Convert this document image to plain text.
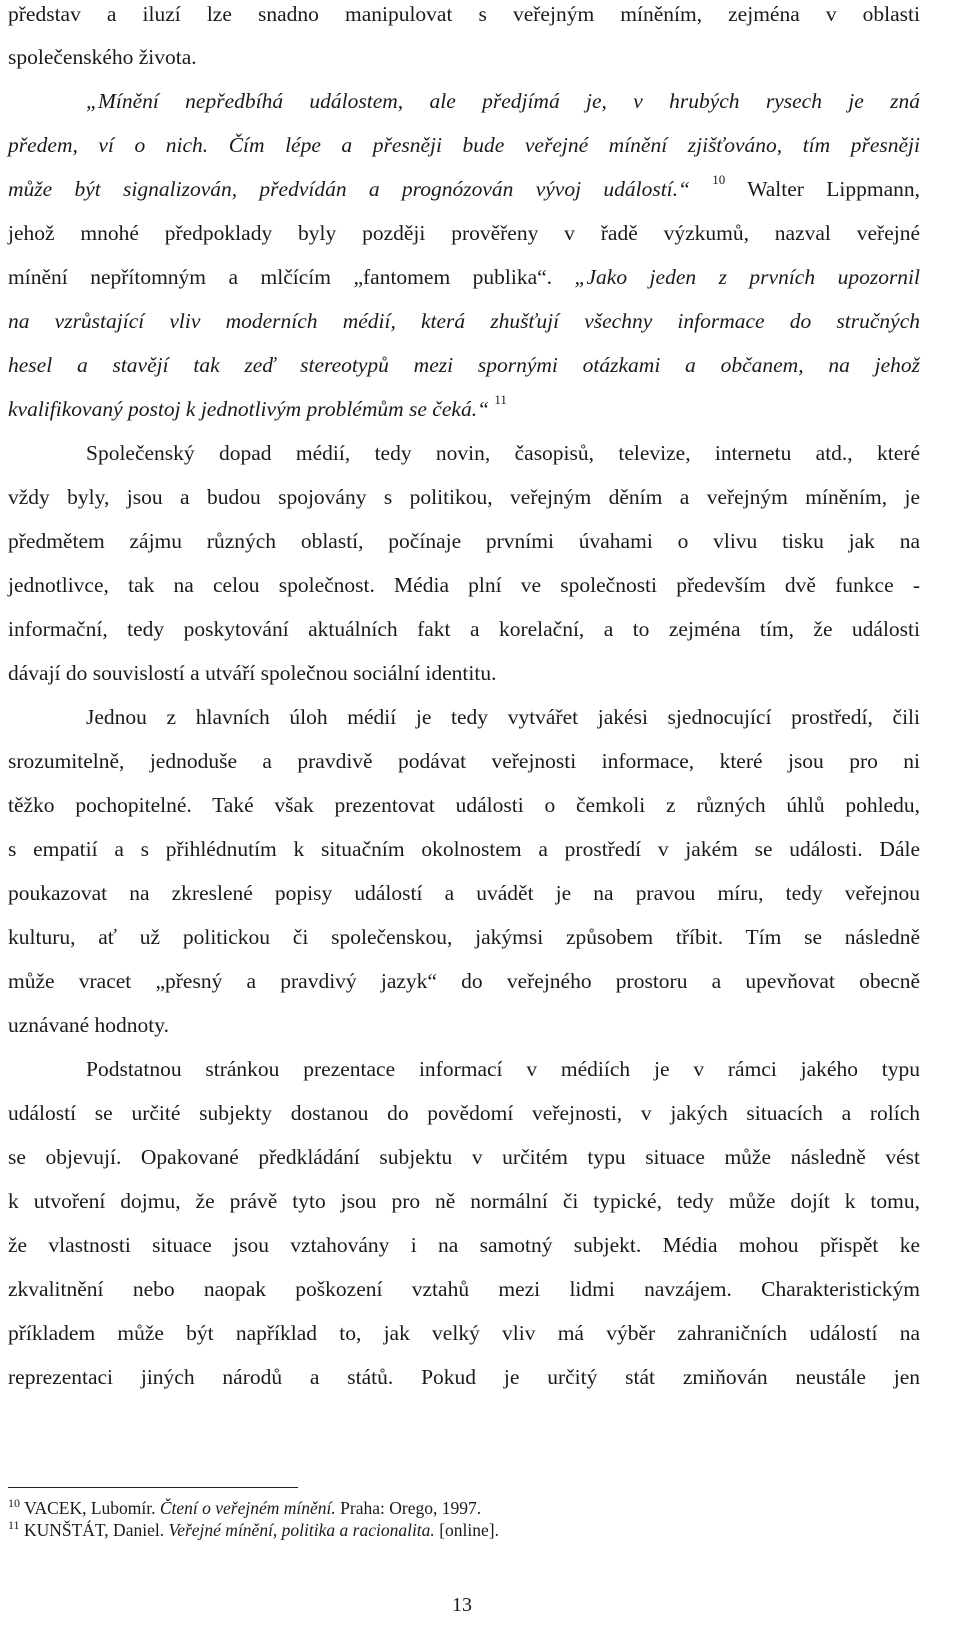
představ a iluzí lze snadno manipulovat s veřejným míněním, zejména v oblasti
společenského života.
„Mínění nepředbíhá událostem, ale předjímá je, v hrubých rysech je zná
předem, ví o nich. Čím lépe a přesněji bude veřejné mínění zjišťováno, tím přesněji
může být signalizován, předvídán a prognózován vývoj událostí.“ $^{10}$ Walter Lippmann,
jehož mnohé předpoklady byly později prověřeny v řadě výzkumů, nazval veřejné
mínění nepřítomným a mlčícím „fantomem publika“. „Jako jeden z prvních upozornil
na vzrůstající vliv moderních médií, která zhušťují všechny informace do stručných
hesel a stavějí tak zeď stereotypů mezi spornými otázkami a občanem, na jehož
kvalifikovaný postoj k jednotlivým problémům se čeká.“ $^{11}$
Společenský dopad médií, tedy novin, časopisů, televize, internetu atd., které
vždy byly, jsou a budou spojovány s politikou, veřejným děním a veřejným míněním, je
předmětem zájmu různých oblastí, počínaje prvními úvahami o vlivu tisku jak na
jednotlivce, tak na celou společnost. Média plní ve společnosti především dvě funkce -
informační, tedy poskytování aktuálních fakt a korelační, a to zejména tím, že události
dávají do souvislostí a utváří společnou sociální identitu.
Jednou z hlavních úloh médií je tedy vytvářet jakési sjednocující prostředí, čili
srozumitelně, jednoduše a pravdivě podávat veřejnosti informace, které jsou pro ni
těžko pochopitelné. Také však prezentovat události o čemkoli z různých úhlů pohledu,
s empatií a s přihlédnutím k situačním okolnostem a prostředí v jakém se události. Dále
poukazovat na zkreslené popisy událostí a uvádět je na pravou míru, tedy veřejnou
kulturu, ať už politickou či společenskou, jakýmsi způsobem tříbit. Tím se následně
může vracet „přesný a pravdivý jazyk“ do veřejného prostoru a upevňovat obecně
uznávané hodnoty.
Podstatnou stránkou prezentace informací v médiích je v rámci jakého typu
událostí se určité subjekty dostanou do povědomí veřejnosti, v jakých situacích a rolích
se objevují. Opakované předkládání subjektu v určitém typu situace může následně vést
k utvoření dojmu, že právě tyto jsou pro ně normální či typické, tedy může dojít k tomu,
že vlastnosti situace jsou vztahovány i na samotný subjekt. Média mohou přispět ke
zkvalitnění nebo naopak poškození vztahů mezi lidmi navzájem. Charakteristickým
příkladem může být například to, jak velký vliv má výběr zahraničních událostí na
reprezentaci jiných národů a států. Pokud je určitý stát zmiňován neustále jen
$^{10}$ VACEK, Lubomír. Čtení o veřejném mínění. Praha: Orego, 1997.
$^{11}$ KUNŠTÁT, Daniel. Veřejné mínění, politika a racionalita. [online].
13
